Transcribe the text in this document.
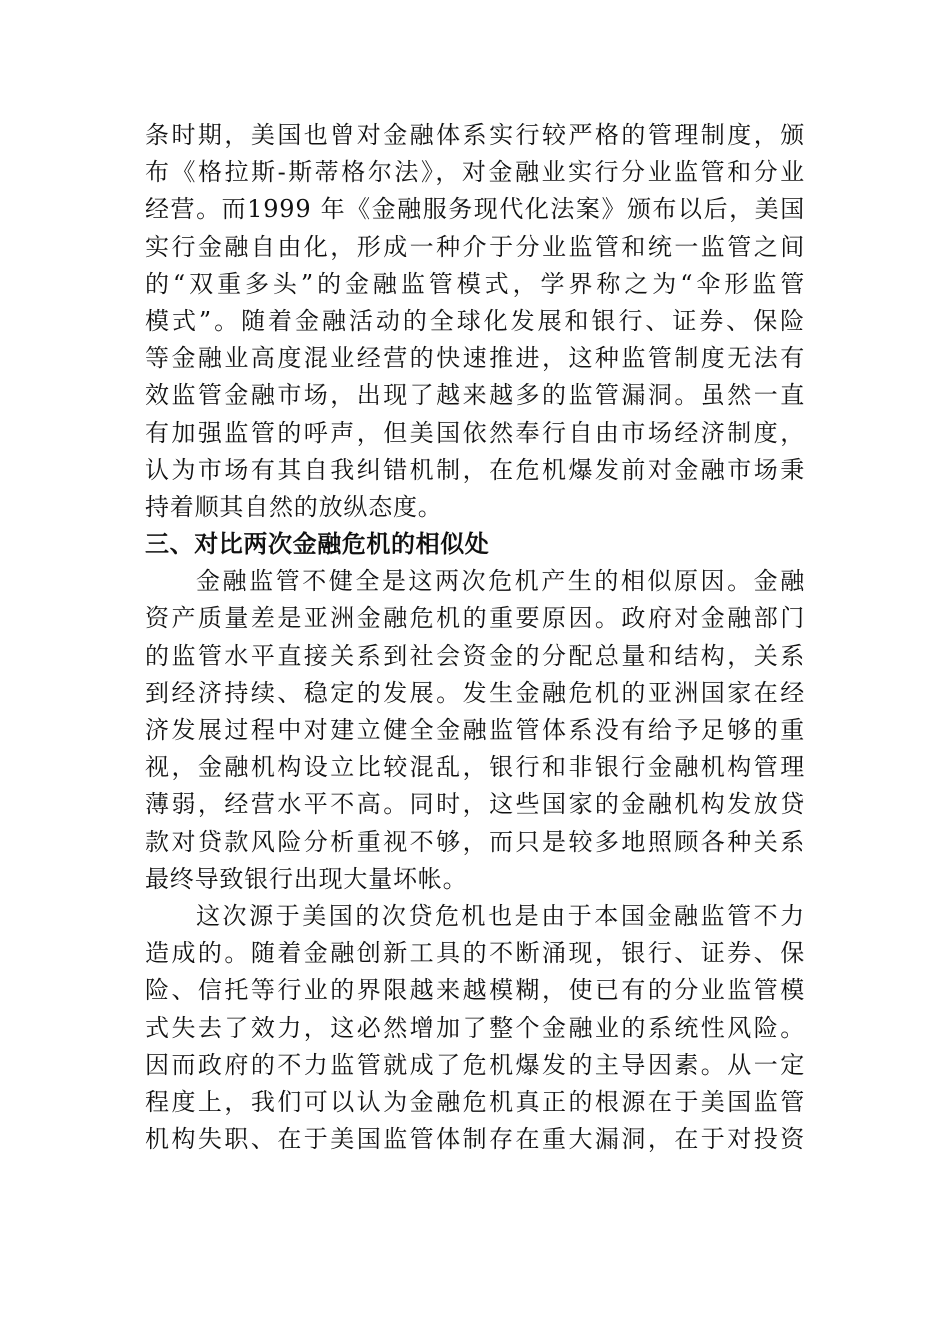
条时期，美国也曾对金融体系实行较严格的管理制度，颁
布《格拉斯-斯蒂格尔法》，对金融业实行分业监管和分业
经营。而1999 年《金融服务现代化法案》颁布以后，美国
实行金融自由化，形成一种介于分业监管和统一监管之间
的“双重多头”的金融监管模式，学界称之为“伞形监管
模式”。随着金融活动的全球化发展和银行、证券、保险
等金融业高度混业经营的快速推进，这种监管制度无法有
效监管金融市场，出现了越来越多的监管漏洞。虽然一直
有加强监管的呼声，但美国依然奉行自由市场经济制度，
认为市场有其自我纠错机制，在危机爆发前对金融市场秉
持着顺其自然的放纵态度。
三、对比两次金融危机的相似处
金融监管不健全是这两次危机产生的相似原因。金融
资产质量差是亚洲金融危机的重要原因。政府对金融部门
的监管水平直接关系到社会资金的分配总量和结构，关系
到经济持续、稳定的发展。发生金融危机的亚洲国家在经
济发展过程中对建立健全金融监管体系没有给予足够的重
视，金融机构设立比较混乱，银行和非银行金融机构管理
薄弱，经营水平不高。同时，这些国家的金融机构发放贷
款对贷款风险分析重视不够，而只是较多地照顾各种关系
最终导致银行出现大量坏帐。
这次源于美国的次贷危机也是由于本国金融监管不力
造成的。随着金融创新工具的不断涌现，银行、证券、保
险、信托等行业的界限越来越模糊，使已有的分业监管模
式失去了效力，这必然增加了整个金融业的系统性风险。
因而政府的不力监管就成了危机爆发的主导因素。从一定
程度上，我们可以认为金融危机真正的根源在于美国监管
机构失职、在于美国监管体制存在重大漏洞，在于对投资
